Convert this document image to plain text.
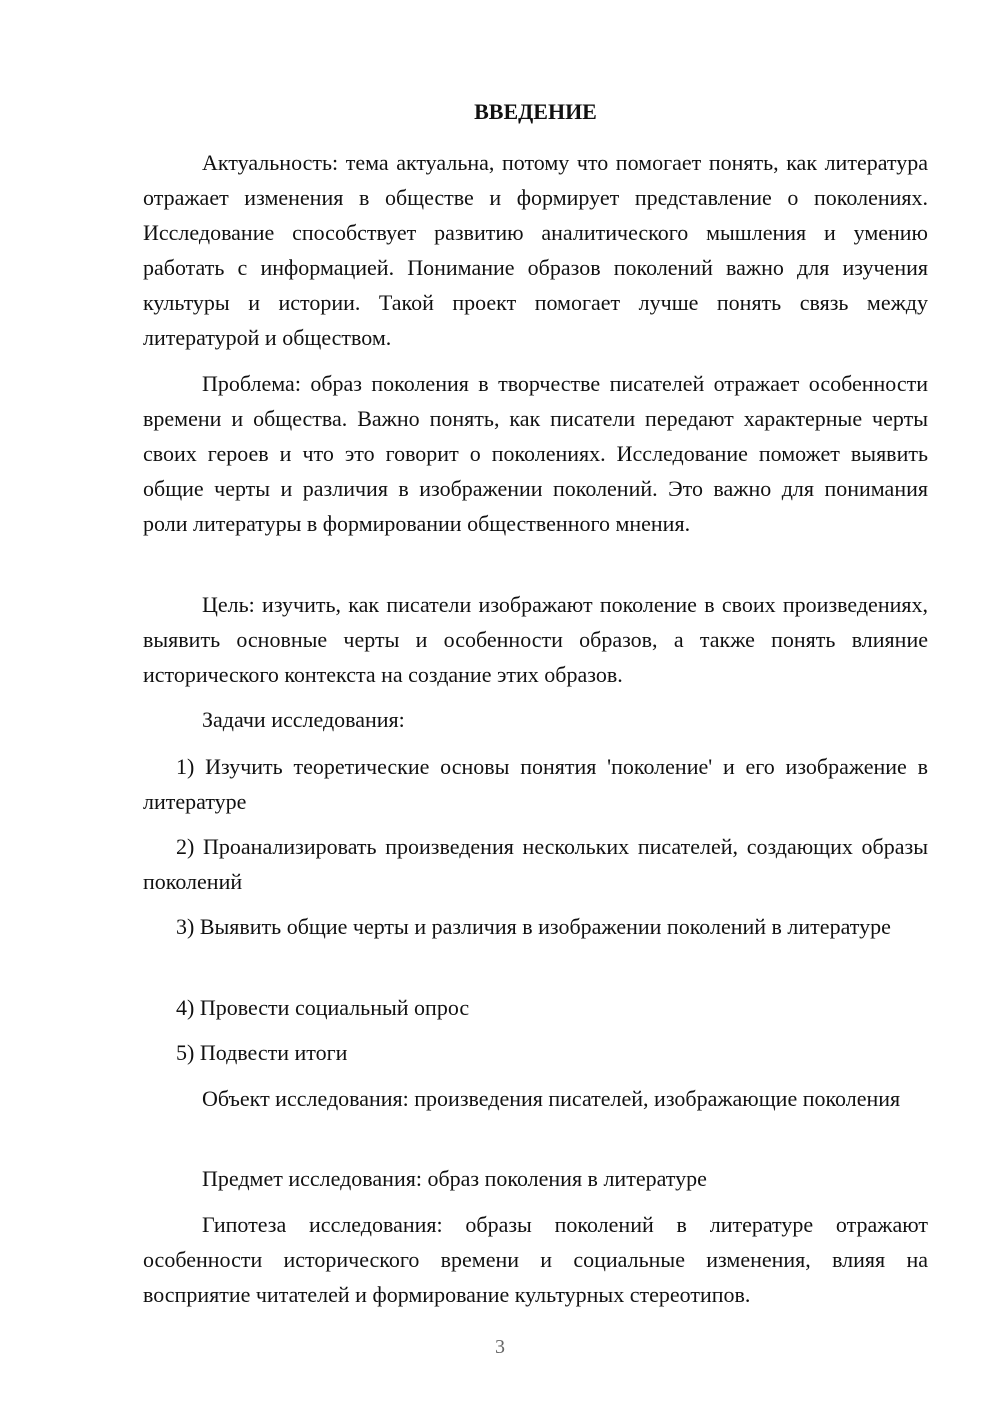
ВВЕДЕНИЕ

Актуальность: тема актуальна, потому что помогает понять, как литература отражает изменения в обществе и формирует представление о поколениях. Исследование способствует развитию аналитического мышления и умению работать с информацией. Понимание образов поколений важно для изучения культуры и истории. Такой проект помогает лучше понять связь между литературой и обществом.

Проблема: образ поколения в творчестве писателей отражает особенности времени и общества. Важно понять, как писатели передают характерные черты своих героев и что это говорит о поколениях. Исследование поможет выявить общие черты и различия в изображении поколений. Это важно для понимания роли литературы в формировании общественного мнения.

Цель: изучить, как писатели изображают поколение в своих произведениях, выявить основные черты и особенности образов, а также понять влияние исторического контекста на создание этих образов.

Задачи исследования:

1) Изучить теоретические основы понятия 'поколение' и его изображение в литературе

2) Проанализировать произведения нескольких писателей, создающих образы поколений

3) Выявить общие черты и различия в изображении поколений в литературе

4) Провести социальный опрос

5) Подвести итоги

Объект исследования: произведения писателей, изображающие поколения

Предмет исследования: образ поколения в литературе

Гипотеза исследования: образы поколений в литературе отражают особенности исторического времени и социальные изменения, влияя на восприятие читателей и формирование культурных стереотипов.

3
